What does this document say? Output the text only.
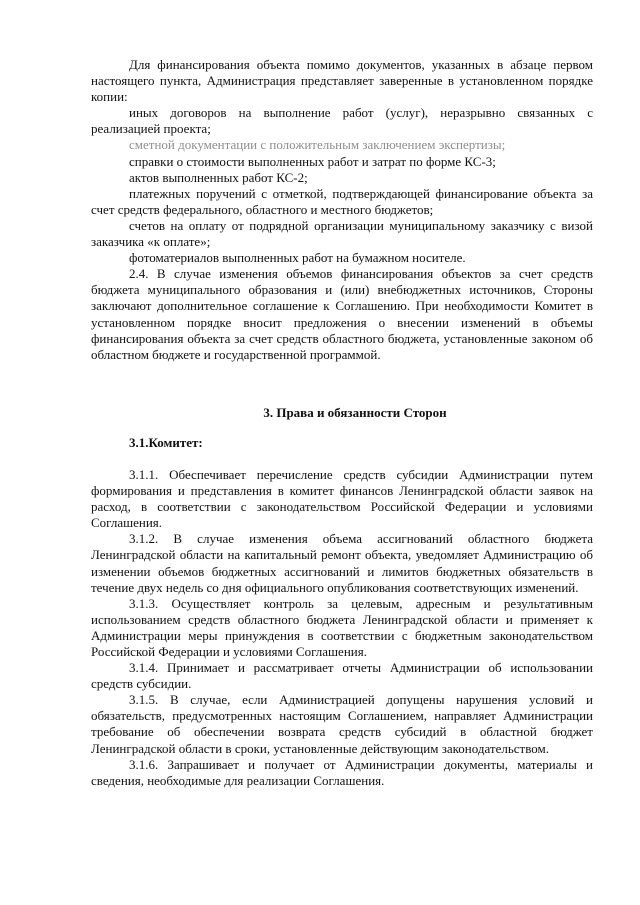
Для финансирования объекта помимо документов, указанных в абзаце первом настоящего пункта, Администрация представляет заверенные в установленном порядке копии:

иных договоров на выполнение работ (услуг), неразрывно связанных с реализацией проекта;

сметной документации с положительным заключением экспертизы;

справки о стоимости выполненных работ и затрат по форме КС-3;

актов выполненных работ КС-2;

платежных поручений с отметкой, подтверждающей финансирование объекта за счет средств федерального, областного и местного бюджетов;

счетов на оплату от подрядной организации муниципальному заказчику с визой заказчика «к оплате»;

фотоматериалов выполненных работ на бумажном носителе.

2.4. В случае изменения объемов финансирования объектов за счет средств бюджета муниципального образования и (или) внебюджетных источников, Стороны заключают дополнительное соглашение к Соглашению. При необходимости Комитет в установленном порядке вносит предложения о внесении изменений в объемы финансирования объекта за счет средств областного бюджета, установленные законом об областном бюджете и государственной программой.

3. Права и обязанности Сторон

3.1.Комитет:

3.1.1. Обеспечивает перечисление средств субсидии Администрации путем формирования и представления в комитет финансов Ленинградской области заявок на расход, в соответствии с законодательством Российской Федерации и условиями Соглашения.

3.1.2. В случае изменения объема ассигнований областного бюджета Ленинградской области на капитальный ремонт объекта, уведомляет Администрацию об изменении объемов бюджетных ассигнований и лимитов бюджетных обязательств в течение двух недель со дня официального опубликования соответствующих изменений.

3.1.3. Осуществляет контроль за целевым, адресным и результативным использованием средств областного бюджета Ленинградской области и применяет к Администрации меры принуждения в соответствии с бюджетным законодательством Российской Федерации и условиями Соглашения.

3.1.4. Принимает и рассматривает отчеты Администрации об использовании средств субсидии.

3.1.5. В случае, если Администрацией допущены нарушения условий и обязательств, предусмотренных настоящим Соглашением, направляет Администрации требование об обеспечении возврата средств субсидий в областной бюджет Ленинградской области в сроки, установленные действующим законодательством.

3.1.6. Запрашивает и получает от Администрации документы, материалы и сведения, необходимые для реализации Соглашения.
